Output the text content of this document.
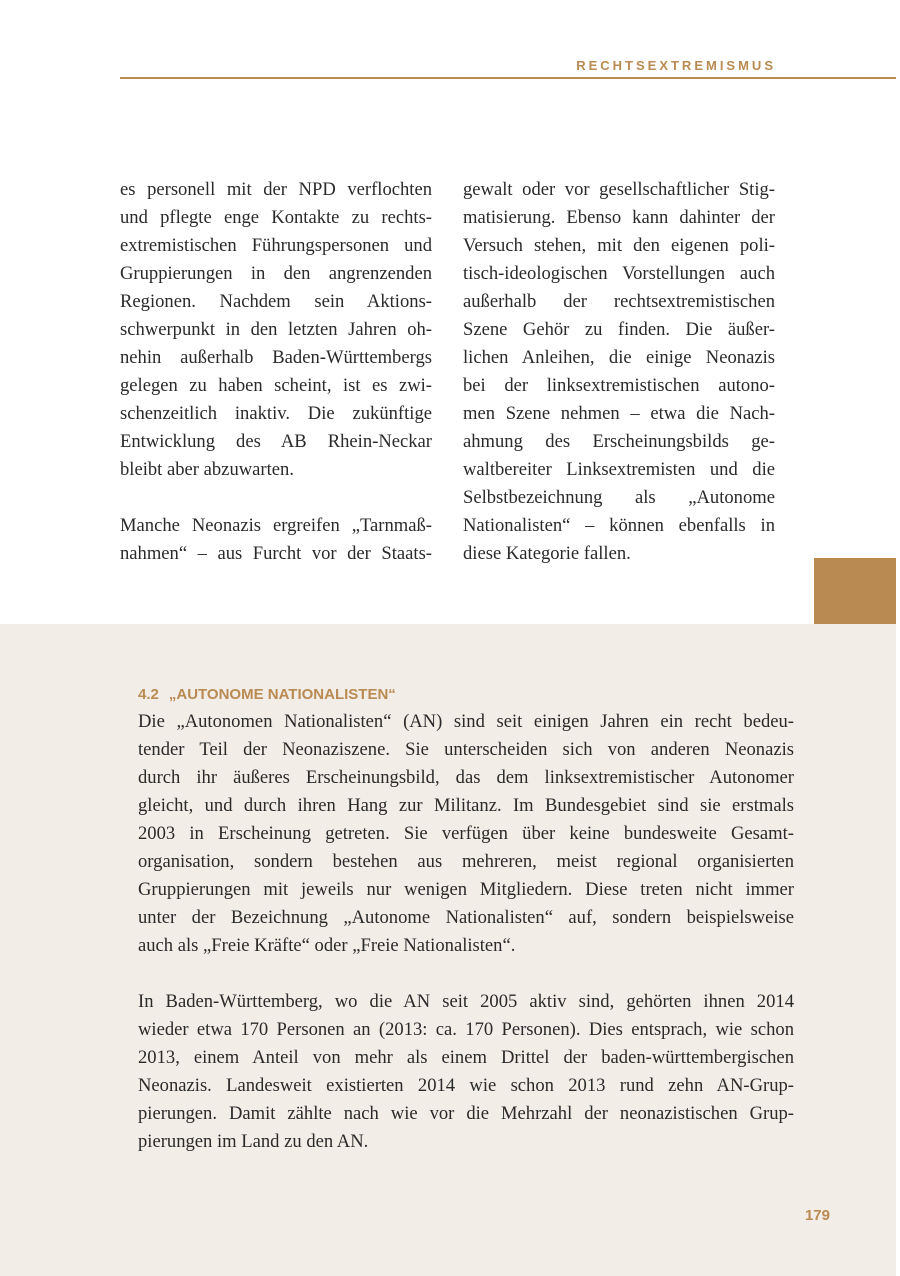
RECHTSEXTREMISMUS

es personell mit der NPD verflochten
und pflegte enge Kontakte zu rechts-
extremistischen Führungspersonen und
Gruppierungen in den angrenzenden
Regionen. Nachdem sein Aktions-
schwerpunkt in den letzten Jahren oh-
nehin außerhalb Baden-Württembergs
gelegen zu haben scheint, ist es zwi-
schenzeitlich inaktiv. Die zukünftige
Entwicklung des AB Rhein-Neckar
bleibt aber abzuwarten.

Manche Neonazis ergreifen „Tarnmaß-
nahmen“ – aus Furcht vor der Staats-

gewalt oder vor gesellschaftlicher Stig-
matisierung. Ebenso kann dahinter der
Versuch stehen, mit den eigenen poli-
tisch-ideologischen Vorstellungen auch
außerhalb der rechtsextremistischen
Szene Gehör zu finden. Die äußer-
lichen Anleihen, die einige Neonazis
bei der linksextremistischen autono-
men Szene nehmen – etwa die Nach-
ahmung des Erscheinungsbilds ge-
waltbereiter Linksextremisten und die
Selbstbezeichnung als „Autonome
Nationalisten“ – können ebenfalls in
diese Kategorie fallen.

4.2 „AUTONOME NATIONALISTEN“

Die „Autonomen Nationalisten“ (AN) sind seit einigen Jahren ein recht bedeu-
tender Teil der Neonaziszene. Sie unterscheiden sich von anderen Neonazis
durch ihr äußeres Erscheinungsbild, das dem linksextremistischer Autonomer
gleicht, und durch ihren Hang zur Militanz. Im Bundesgebiet sind sie erstmals
2003 in Erscheinung getreten. Sie verfügen über keine bundesweite Gesamt-
organisation, sondern bestehen aus mehreren, meist regional organisierten
Gruppierungen mit jeweils nur wenigen Mitgliedern. Diese treten nicht immer
unter der Bezeichnung „Autonome Nationalisten“ auf, sondern beispielsweise
auch als „Freie Kräfte“ oder „Freie Nationalisten“.

In Baden-Württemberg, wo die AN seit 2005 aktiv sind, gehörten ihnen 2014
wieder etwa 170 Personen an (2013: ca. 170 Personen). Dies entsprach, wie schon
2013, einem Anteil von mehr als einem Drittel der baden-württembergischen
Neonazis. Landesweit existierten 2014 wie schon 2013 rund zehn AN-Grup-
pierungen. Damit zählte nach wie vor die Mehrzahl der neonazistischen Grup-
pierungen im Land zu den AN.

179
